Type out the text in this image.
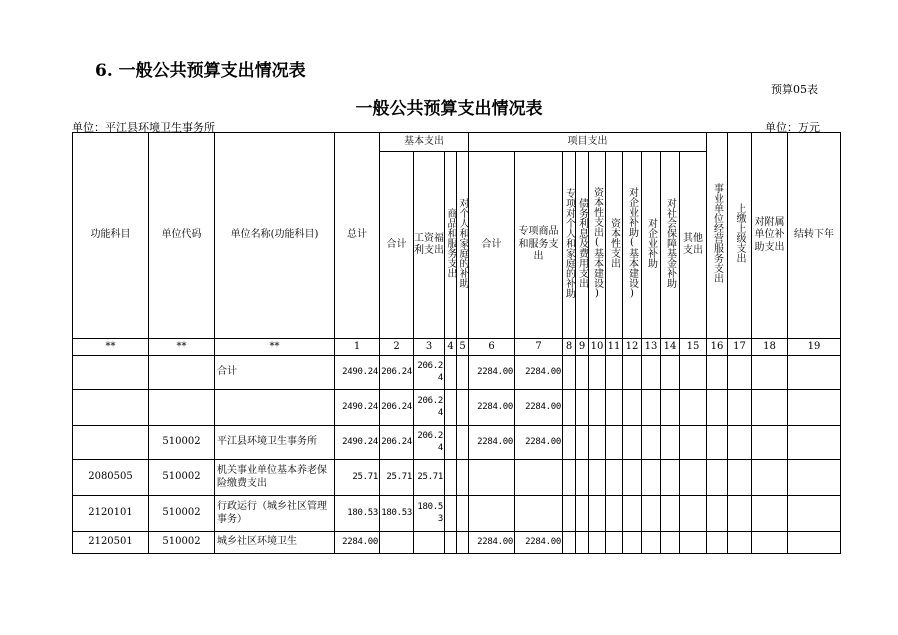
6. 一般公共预算支出情况表
预算05表
一般公共预算支出情况表
单位：平江县环境卫生事务所	单位：万元
功能科目	单位代码	单位名称(功能科目)	总计	基本支出				项目支出										事业单位经营服务支出	上缴上级支出	对附属单位补助支出	结转下年
				合计	工资福利支出	商品和服务支出	对个人和家庭的补助	合计	专项商品和服务支出	专项对个人和家庭的补助	债务利息及费用支出	资本性支出(基本建设)	资本性支出	对企业补助(基本建设)	对企业补助	对社会保障基金补助	其他支出				
**	**	**	1	2	3	4	5	6	7	8	9	10	11	12	13	14	15	16	17	18	19
		合计	2490.24	206.24	206.24			2284.00	2284.00												
			2490.24	206.24	206.24			2284.00	2284.00												
	510002	平江县环境卫生事务所	2490.24	206.24	206.24			2284.00	2284.00												
2080505	510002	机关事业单位基本养老保险缴费支出	25.71	25.71	25.71																
2120101	510002	行政运行（城乡社区管理事务）	180.53	180.53	180.53																
2120501	510002	城乡社区环境卫生	2284.00					2284.00	2284.00												
